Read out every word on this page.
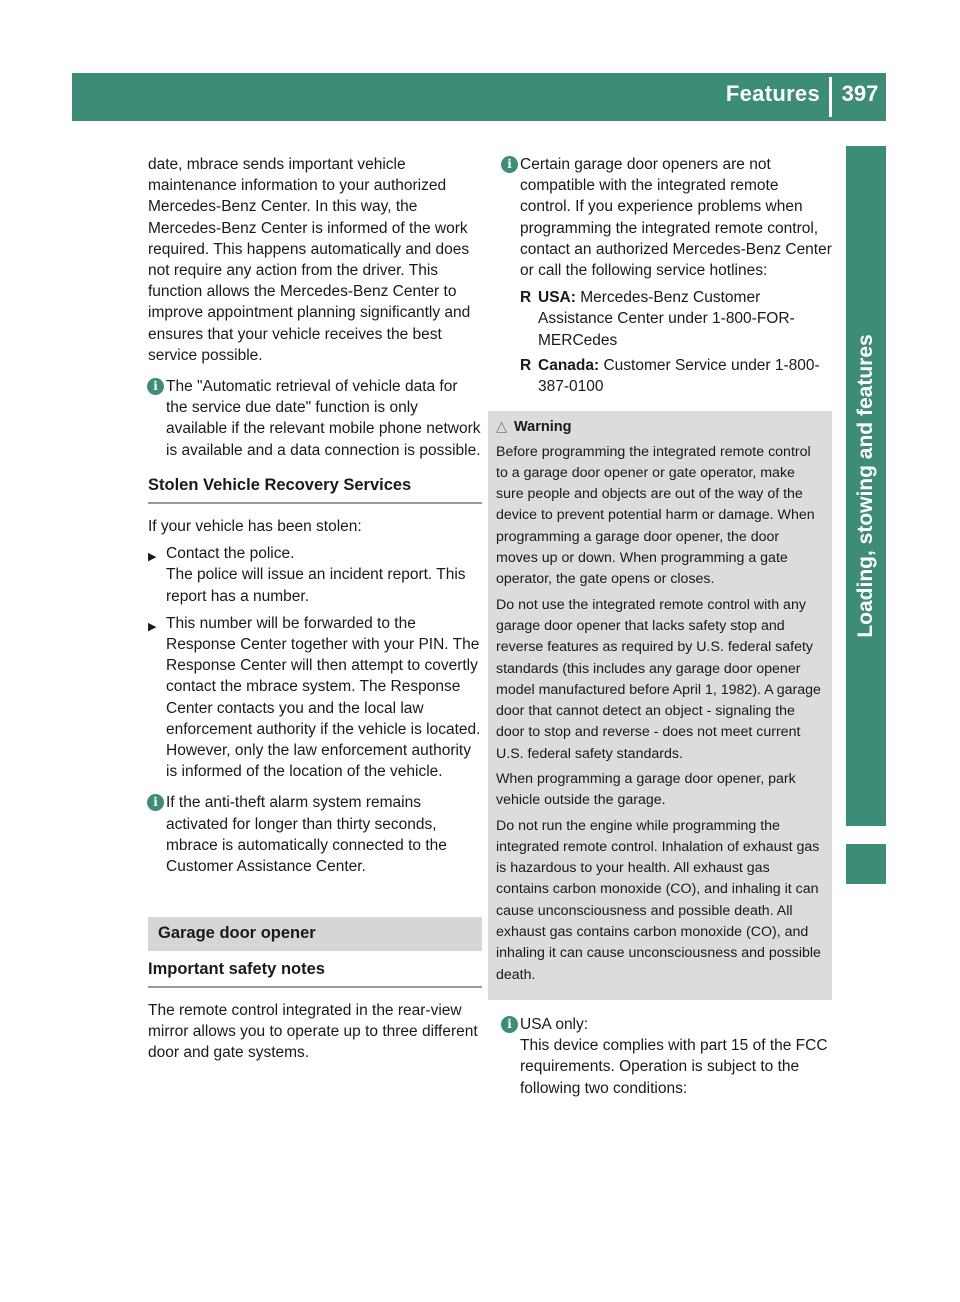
Features 397
Loading, stowing and features

date, mbrace sends important vehicle maintenance information to your authorized Mercedes-Benz Center. In this way, the Mercedes-Benz Center is informed of the work required. This happens automatically and does not require any action from the driver. This function allows the Mercedes-Benz Center to improve appointment planning significantly and ensures that your vehicle receives the best service possible.

i The "Automatic retrieval of vehicle data for the service due date" function is only available if the relevant mobile phone network is available and a data connection is possible.
Stolen Vehicle Recovery Services

If your vehicle has been stolen:

▶ Contact the police.
The police will issue an incident report. This report has a number.
▶ This number will be forwarded to the Response Center together with your PIN. The Response Center will then attempt to covertly contact the mbrace system. The Response Center contacts you and the local law enforcement authority if the vehicle is located. However, only the law enforcement authority is informed of the location of the vehicle.
i If the anti-theft alarm system remains activated for longer than thirty seconds, mbrace is automatically connected to the Customer Assistance Center.
Garage door opener
Important safety notes

The remote control integrated in the rear-view mirror allows you to operate up to three different door and gate systems.

i Certain garage door openers are not compatible with the integrated remote control. If you experience problems when programming the integrated remote control, contact an authorized Mercedes-Benz Center or call the following service hotlines:
R USA: Mercedes-Benz Customer Assistance Center under 1-800-FOR-MERCedes
R Canada: Customer Service under 1-800-387-0100
△ Warning

Before programming the integrated remote control to a garage door opener or gate operator, make sure people and objects are out of the way of the device to prevent potential harm or damage. When programming a garage door opener, the door moves up or down. When programming a gate operator, the gate opens or closes.

Do not use the integrated remote control with any garage door opener that lacks safety stop and reverse features as required by U.S. federal safety standards (this includes any garage door opener model manufactured before April 1, 1982). A garage door that cannot detect an object - signaling the door to stop and reverse - does not meet current U.S. federal safety standards.

When programming a garage door opener, park vehicle outside the garage.

Do not run the engine while programming the integrated remote control. Inhalation of exhaust gas is hazardous to your health. All exhaust gas contains carbon monoxide (CO), and inhaling it can cause unconsciousness and possible death. All exhaust gas contains carbon monoxide (CO), and inhaling it can cause unconsciousness and possible death.

i USA only:
This device complies with part 15 of the FCC requirements. Operation is subject to the following two conditions:
